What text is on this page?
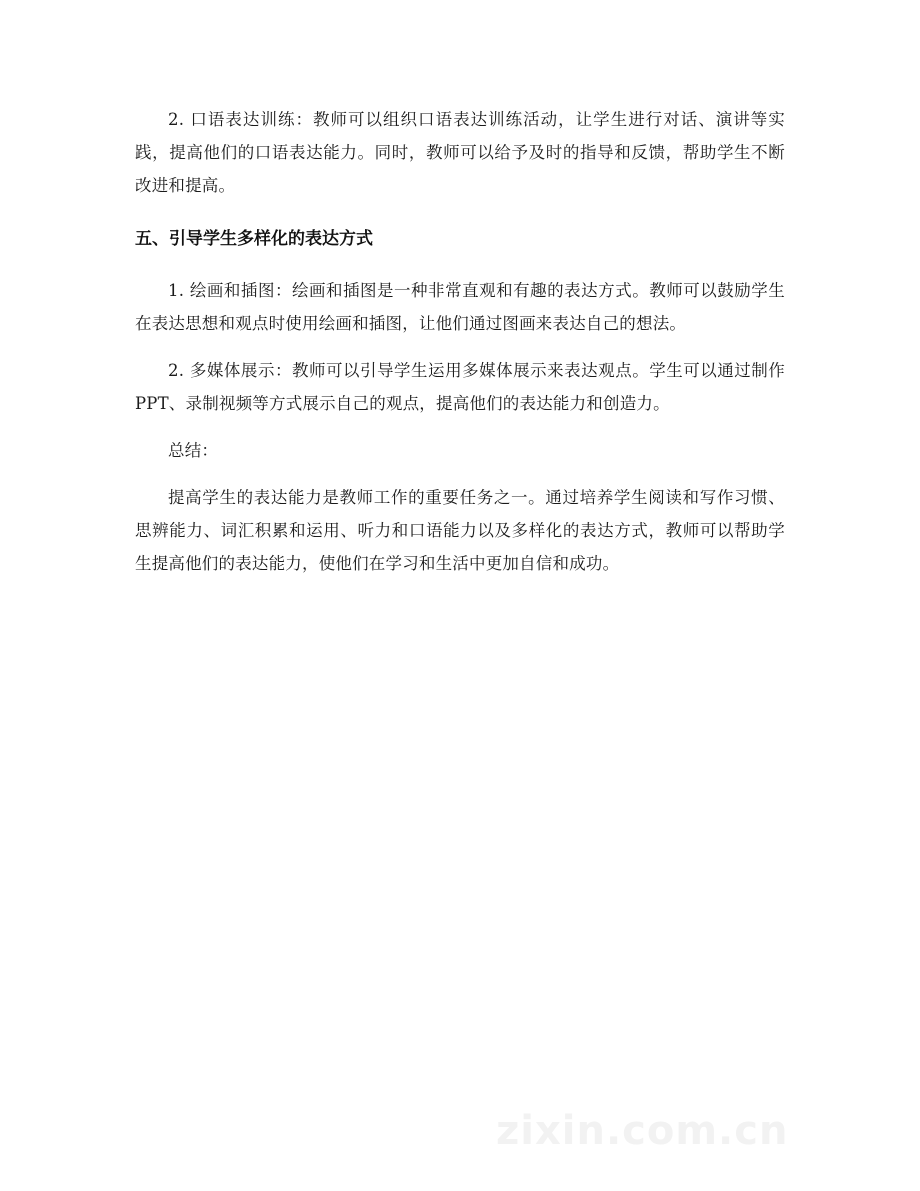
2. 口语表达训练：教师可以组织口语表达训练活动，让学生进行对话、演讲等实践，提高他们的口语表达能力。同时，教师可以给予及时的指导和反馈，帮助学生不断改进和提高。

五、引导学生多样化的表达方式

1. 绘画和插图：绘画和插图是一种非常直观和有趣的表达方式。教师可以鼓励学生在表达思想和观点时使用绘画和插图，让他们通过图画来表达自己的想法。

2. 多媒体展示：教师可以引导学生运用多媒体展示来表达观点。学生可以通过制作 PPT、录制视频等方式展示自己的观点，提高他们的表达能力和创造力。

总结：

提高学生的表达能力是教师工作的重要任务之一。通过培养学生阅读和写作习惯、思辨能力、词汇积累和运用、听力和口语能力以及多样化的表达方式，教师可以帮助学生提高他们的表达能力，使他们在学习和生活中更加自信和成功。

zixin.com.cn
